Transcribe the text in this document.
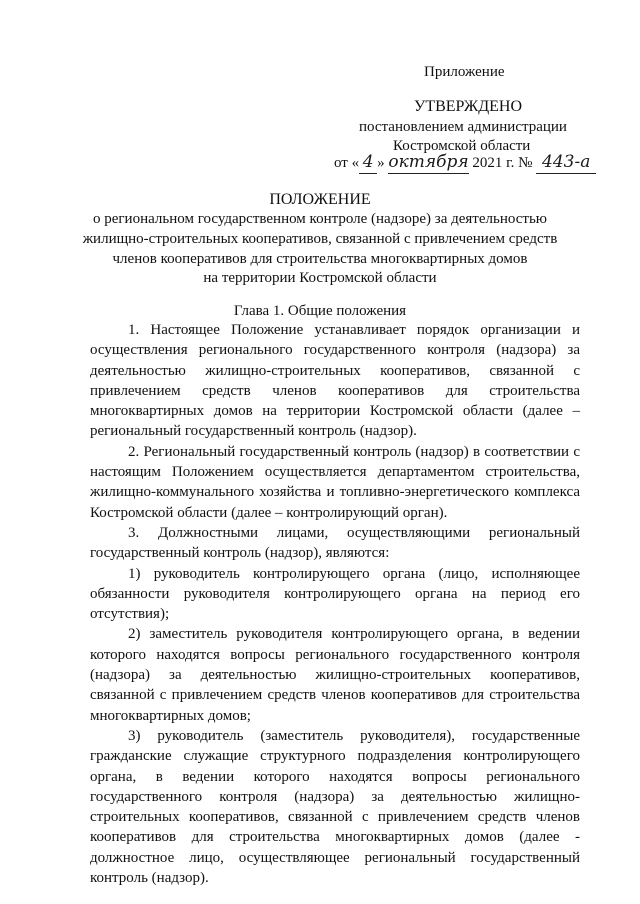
Приложение
УТВЕРЖДЕНО
постановлением администрации
Костромской области
от « 4 » октября 2021 г. № 443-а
ПОЛОЖЕНИЕ
о региональном государственном контроле (надзоре) за деятельностью
жилищно-строительных кооперативов, связанной с привлечением средств
членов кооперативов для строительства многоквартирных домов
на территории Костромской области
Глава 1. Общие положения

1. Настоящее Положение устанавливает порядок организации и осуществления регионального государственного контроля (надзора) за деятельностью жилищно-строительных кооперативов, связанной с привлечением средств членов кооперативов для строительства многоквартирных домов на территории Костромской области (далее – региональный государственный контроль (надзор).

2. Региональный государственный контроль (надзор) в соответствии с настоящим Положением осуществляется департаментом строительства, жилищно-коммунального хозяйства и топливно-энергетического комплекса Костромской области (далее – контролирующий орган).

3. Должностными лицами, осуществляющими региональный государственный контроль (надзор), являются:

1) руководитель контролирующего органа (лицо, исполняющее обязанности руководителя контролирующего органа на период его отсутствия);

2) заместитель руководителя контролирующего органа, в ведении которого находятся вопросы регионального государственного контроля (надзора) за деятельностью жилищно-строительных кооперативов, связанной с привлечением средств членов кооперативов для строительства многоквартирных домов;

3) руководитель (заместитель руководителя), государственные гражданские служащие структурного подразделения контролирующего органа, в ведении которого находятся вопросы регионального государственного контроля (надзора) за деятельностью жилищно-строительных кооперативов, связанной с привлечением средств членов кооперативов для строительства многоквартирных домов (далее - должностное лицо, осуществляющее региональный государственный контроль (надзор).
